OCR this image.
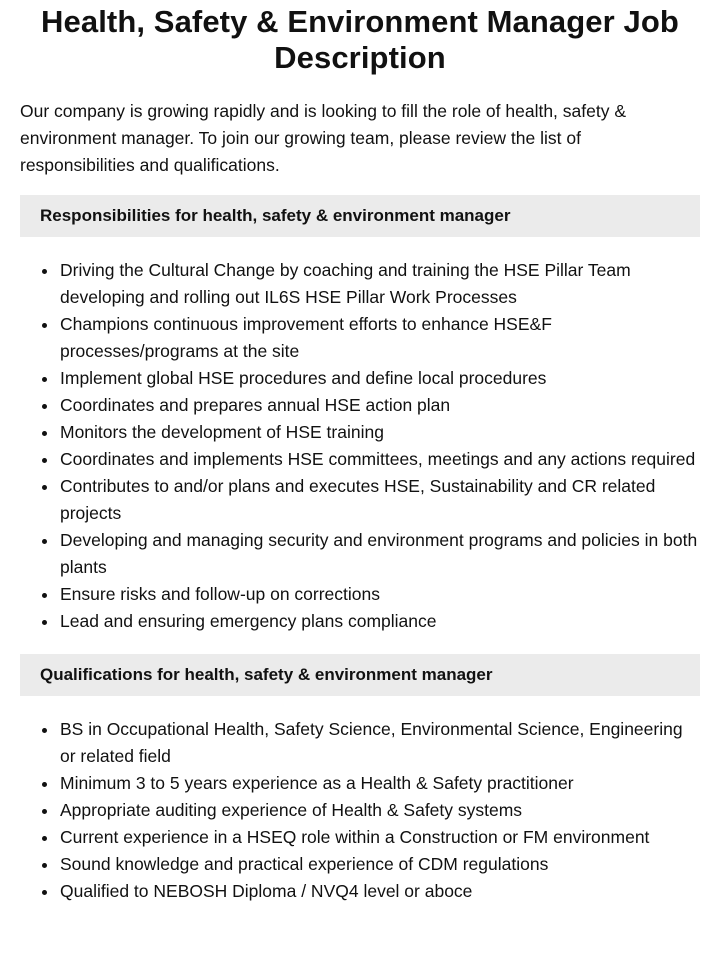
Health, Safety & Environment Manager Job Description

Our company is growing rapidly and is looking to fill the role of health, safety & environment manager. To join our growing team, please review the list of responsibilities and qualifications.

Responsibilities for health, safety & environment manager
Driving the Cultural Change by coaching and training the HSE Pillar Team developing and rolling out IL6S HSE Pillar Work Processes
Champions continuous improvement efforts to enhance HSE&F processes/programs at the site
Implement global HSE procedures and define local procedures
Coordinates and prepares annual HSE action plan
Monitors the development of HSE training
Coordinates and implements HSE committees, meetings and any actions required
Contributes to and/or plans and executes HSE, Sustainability and CR related projects
Developing and managing security and environment programs and policies in both plants
Ensure risks and follow-up on corrections
Lead and ensuring emergency plans compliance
Qualifications for health, safety & environment manager
BS in Occupational Health, Safety Science, Environmental Science, Engineering or related field
Minimum 3 to 5 years experience as a Health & Safety practitioner
Appropriate auditing experience of Health & Safety systems
Current experience in a HSEQ role within a Construction or FM environment
Sound knowledge and practical experience of CDM regulations
Qualified to NEBOSH Diploma / NVQ4 level or aboce
